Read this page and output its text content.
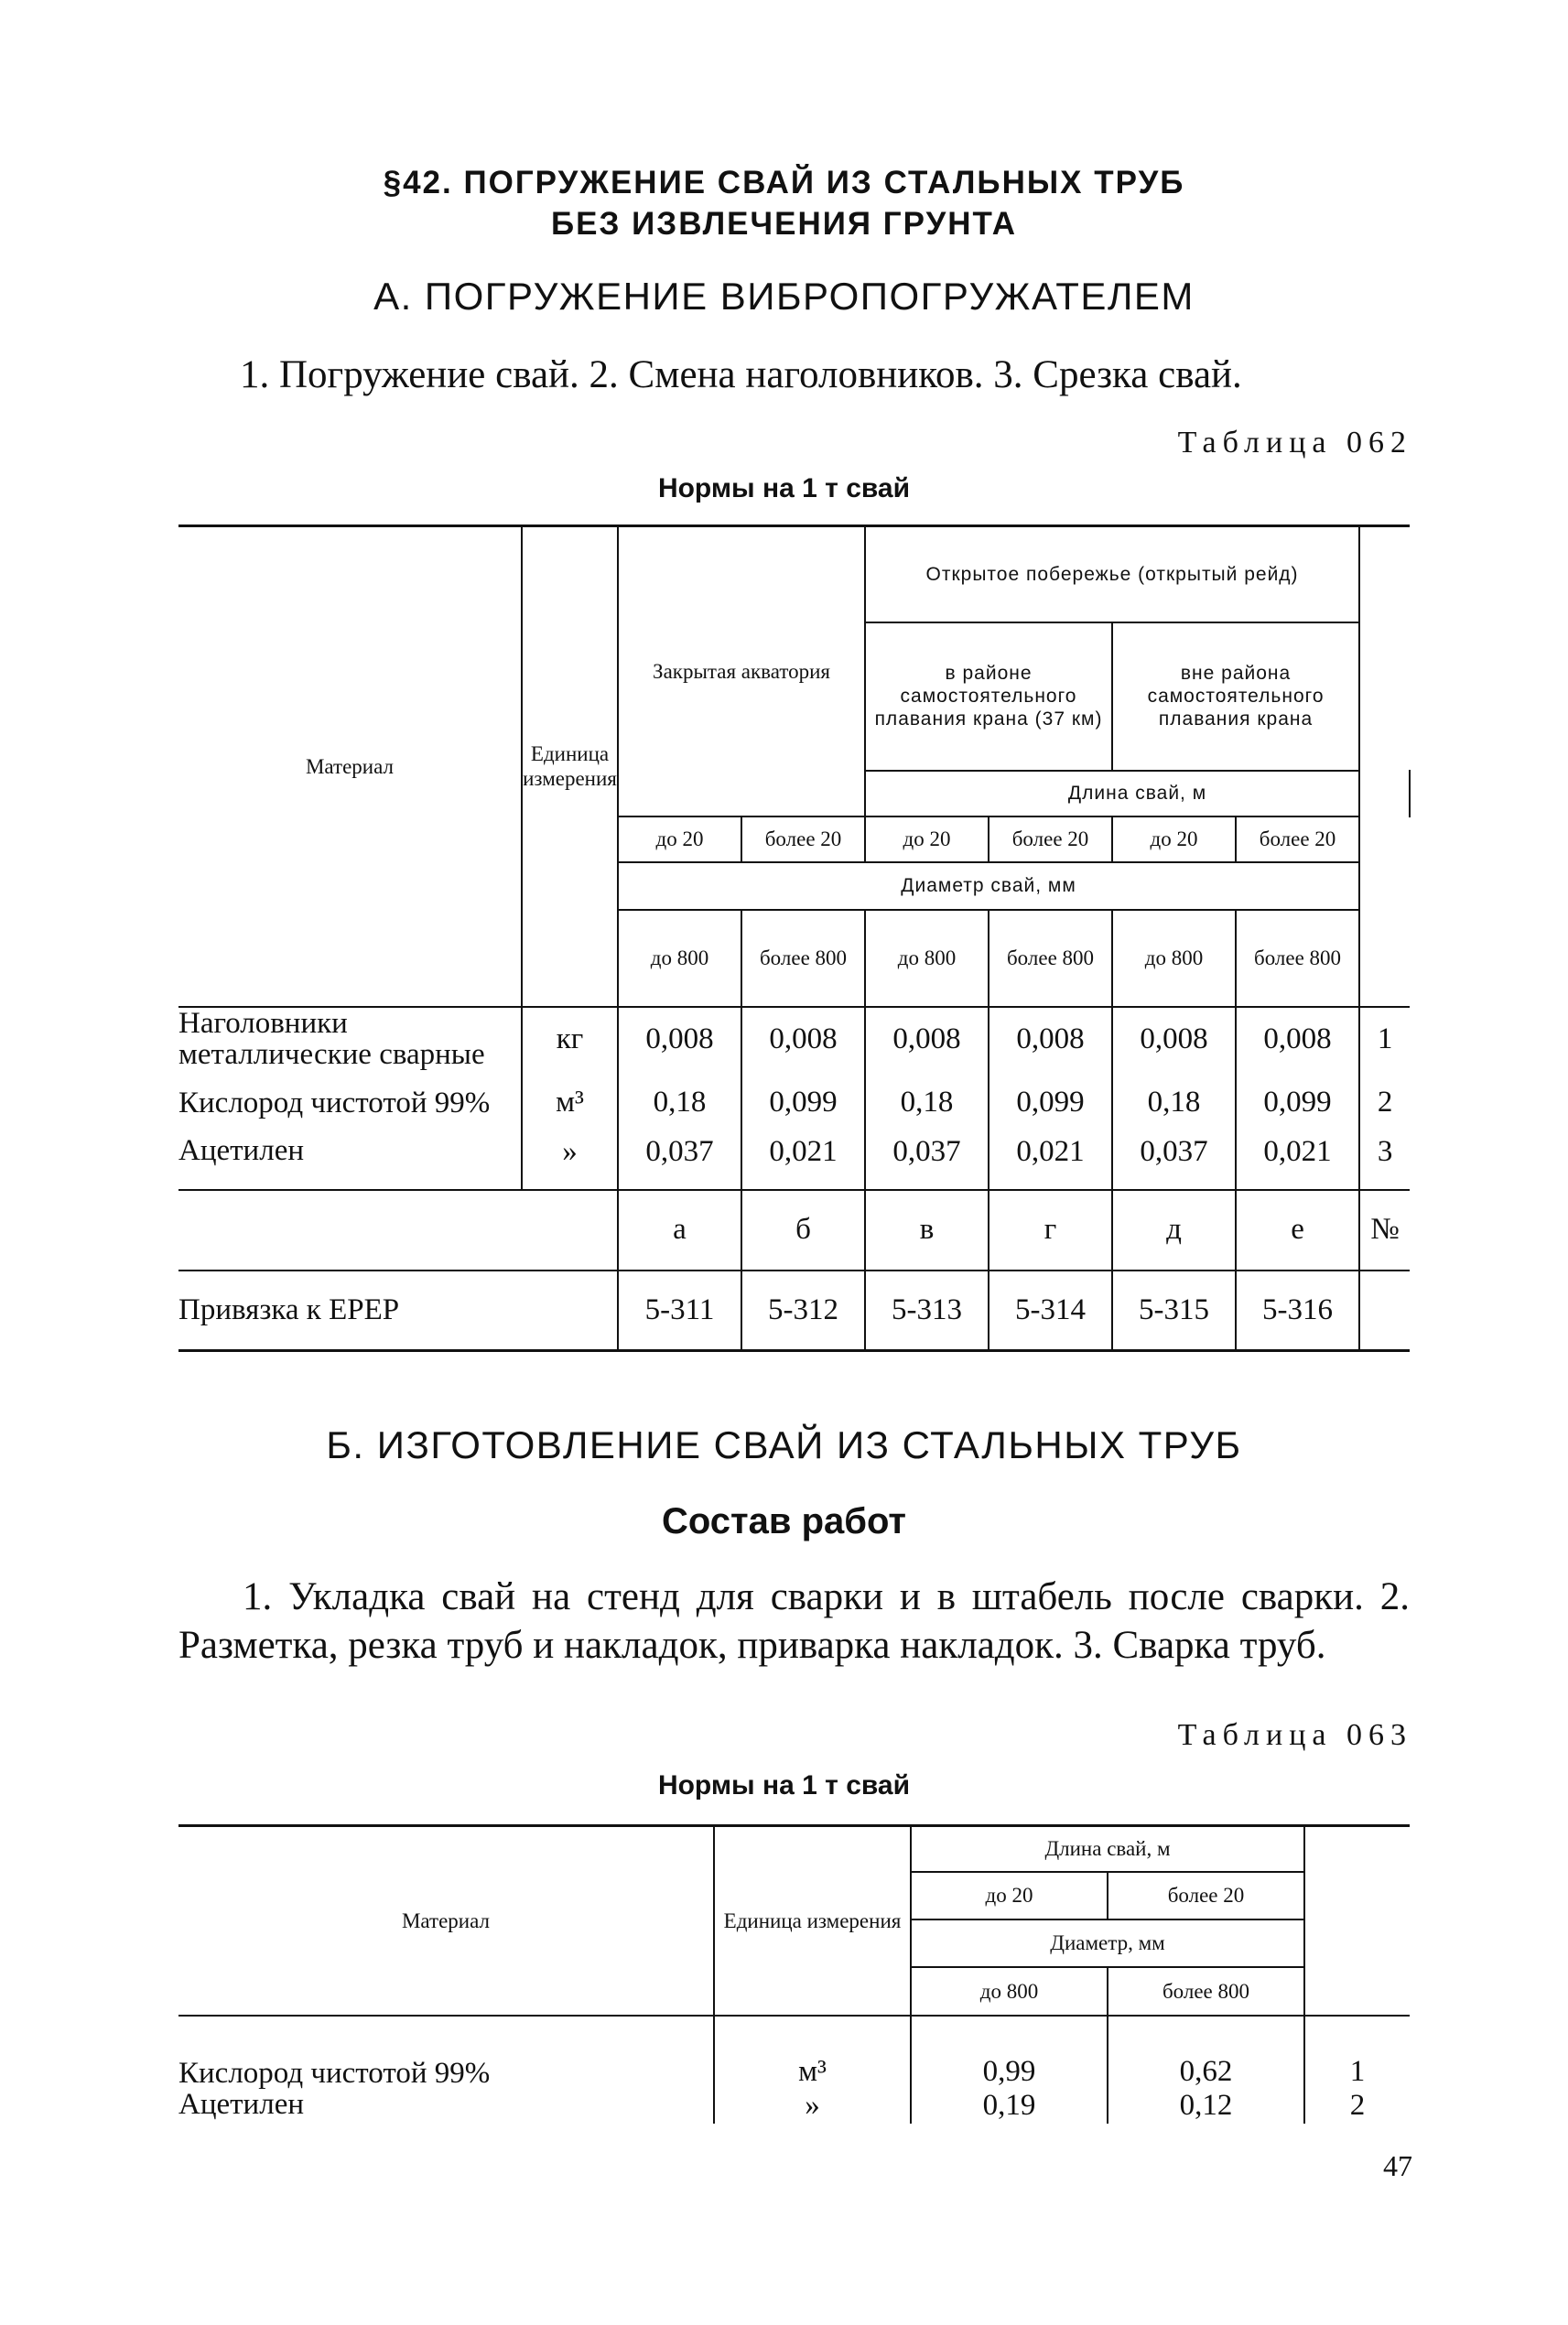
§42. ПОГРУЖЕНИЕ СВАЙ ИЗ СТАЛЬНЫХ ТРУБ
БЕЗ ИЗВЛЕЧЕНИЯ ГРУНТА
А. ПОГРУЖЕНИЕ ВИБРОПОГРУЖАТЕЛЕМ
1. Погружение свай. 2. Смена наголовников. 3. Срезка свай.
Таблица 062
Нормы на 1 т свай
Материал	Единица измерения	Закрытая акватория		Открытое побережье (открытый рейд)				
				в районе самостоятельного плавания крана (37 км)		вне района самостоятельного плавания крана		
				Длина свай, м				
		до 20	более 20	до 20	более 20	до 20	более 20	
		Диаметр свай, мм						
		до 800	более 800	до 800	более 800	до 800	более 800	
Наголовники металлические сварные	кг	0,008	0,008	0,008	0,008	0,008	0,008	1
Кислород чистотой 99%	м³	0,18	0,099	0,18	0,099	0,18	0,099	2
Ацетилен	»	0,037	0,021	0,037	0,021	0,037	0,021	3
		а	б	в	г	д	е	№
Привязка к ЕРЕР		5-311	5-312	5-313	5-314	5-315	5-316	
Б. ИЗГОТОВЛЕНИЕ СВАЙ ИЗ СТАЛЬНЫХ ТРУБ
Состав работ
1. Укладка свай на стенд для сварки и в штабель после сварки. 2. Разметка, резка труб и накладок, приварка накладок. 3. Сварка труб.
Таблица 063
Нормы на 1 т свай
Материал	Единица измерения	Длина свай, м		
		до 20	более 20	
		Диаметр, мм		
		до 800	более 800	
Кислород чистотой 99%	м³	0,99	0,62	1
Ацетилен	»	0,19	0,12	2
47
